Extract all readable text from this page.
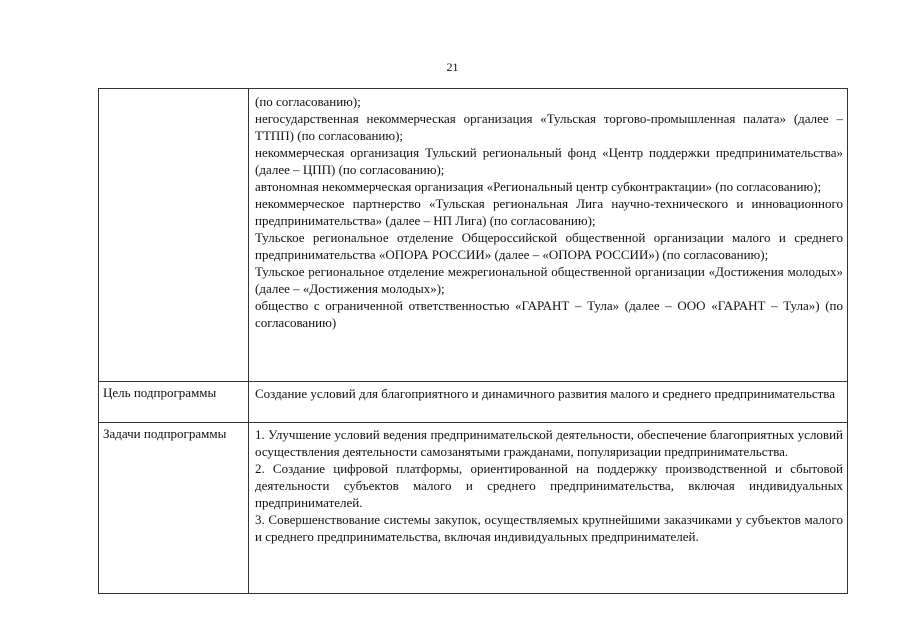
21
(по согласованию);
негосударственная некоммерческая организация «Тульская торгово-промышленная палата» (далее – ТТПП) (по согласованию);
некоммерческая организация Тульский региональный фонд «Центр поддержки предпринимательства» (далее – ЦПП) (по согласованию);
автономная некоммерческая организация «Региональный центр субконтрактации» (по согласованию);
некоммерческое партнерство «Тульская региональная Лига научно-технического и инновационного предпринимательства» (далее – НП Лига) (по согласованию);
Тульское региональное отделение Общероссийской общественной организации малого и среднего предпринимательства «ОПОРА РОССИИ» (далее – «ОПОРА РОССИИ») (по согласованию);
Тульское региональное отделение межрегиональной общественной организации «Достижения молодых» (далее – «Достижения молодых»);
общество с ограниченной ответственностью «ГАРАНТ – Тула» (далее – ООО «ГАРАНТ – Тула») (по согласованию)
Цель подпрограммы	Создание условий для благоприятного и динамичного развития малого и среднего предпринимательства
Задачи подпрограммы	1. Улучшение условий ведения предпринимательской деятельности, обеспечение благоприятных условий осуществления деятельности самозанятыми гражданами, популяризации предпринимательства.
2. Создание цифровой платформы, ориентированной на поддержку производственной и сбытовой деятельности субъектов малого и среднего предпринимательства, включая индивидуальных предпринимателей.
3. Совершенствование системы закупок, осуществляемых крупнейшими заказчиками у субъектов малого и среднего предпринимательства, включая индивидуальных предпринимателей.
